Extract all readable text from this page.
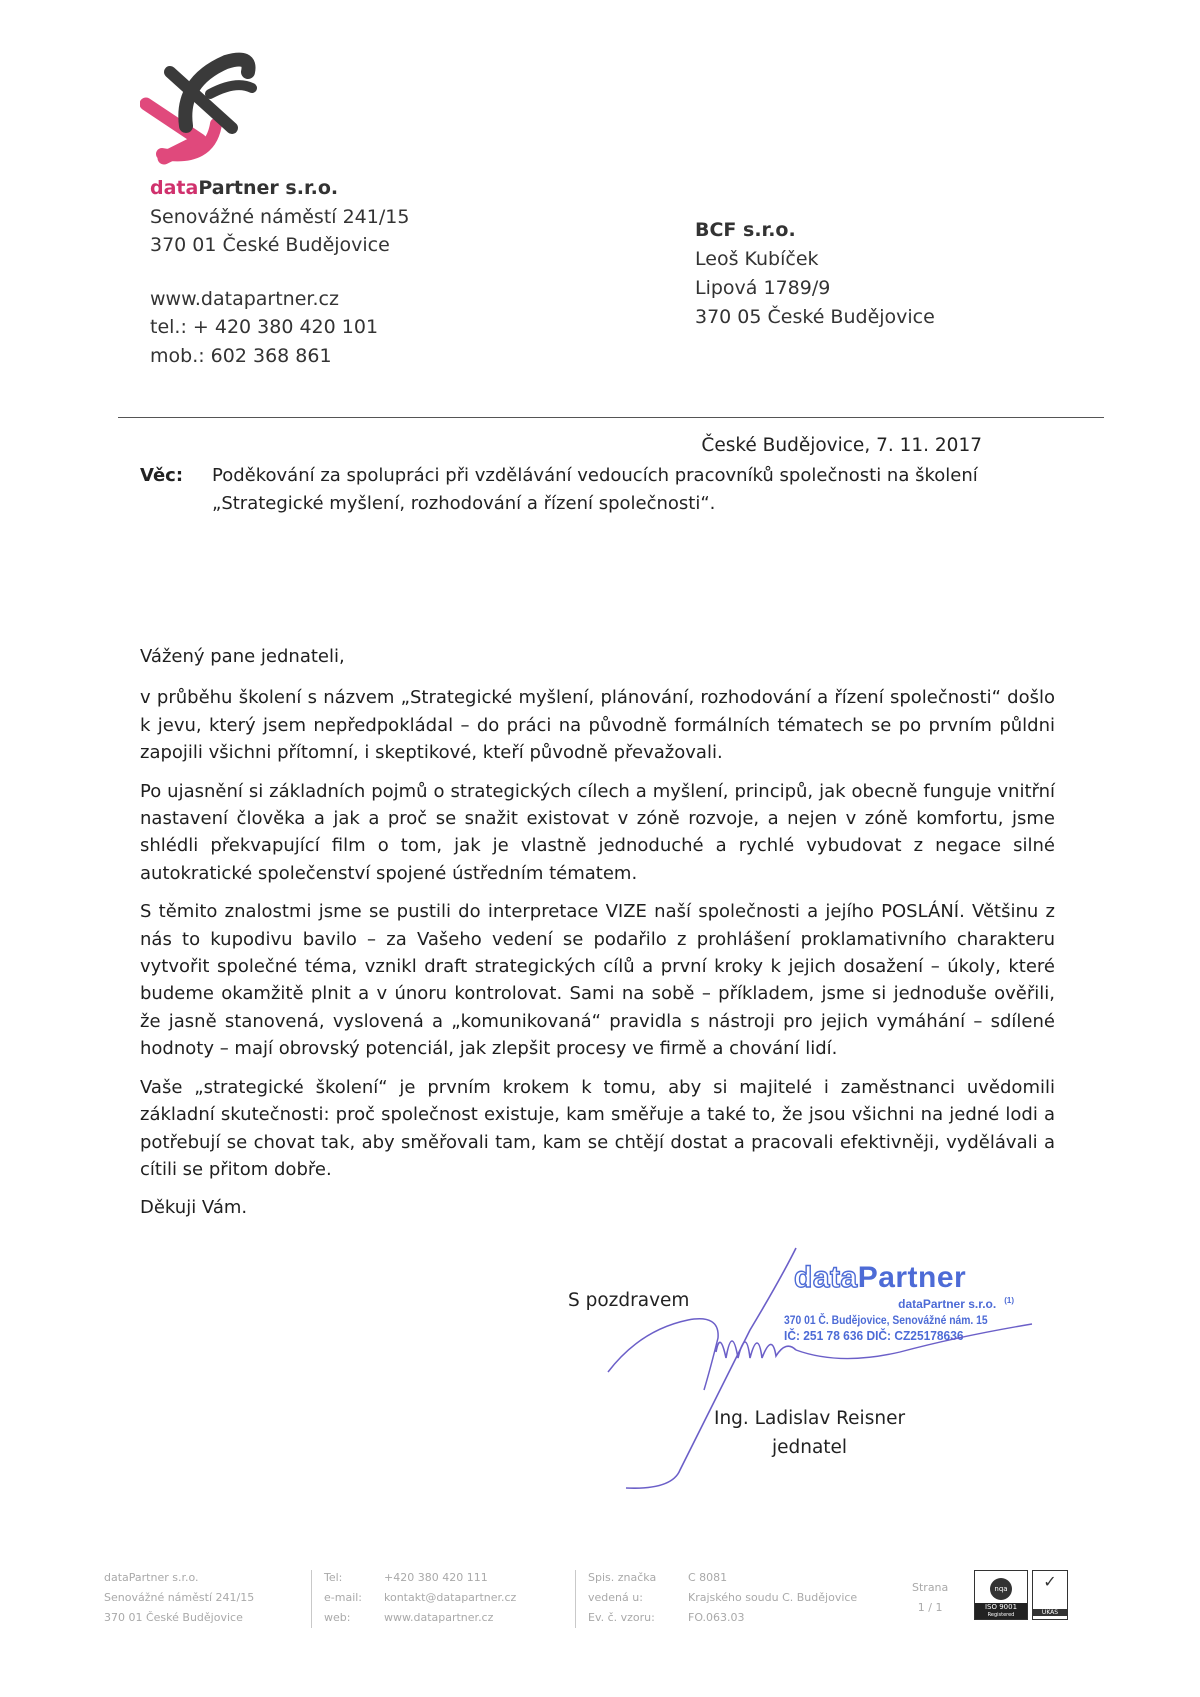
dataPartner s.r.o.
Senovážné náměstí 241/15
370 01 České Budějovice
www.datapartner.cz
tel.: + 420 380 420 101
mob.: 602 368 861
BCF s.r.o.
Leoš Kubíček
Lipová 1789/9
370 05 České Budějovice
České Budějovice, 7. 11. 2017
Věc: Poděkování za spolupráci při vzdělávání vedoucích pracovníků společnosti na školení
„Strategické myšlení, rozhodování a řízení společnosti“.

Vážený pane jednateli,

v průběhu školení s názvem „Strategické myšlení, plánování, rozhodování a řízení společnosti“ došlo k jevu, který jsem nepředpokládal – do práci na původně formálních tématech se po prvním půldni zapojili všichni přítomní, i skeptikové, kteří původně převažovali.

Po ujasnění si základních pojmů o strategických cílech a myšlení, principů, jak obecně funguje vnitřní nastavení člověka a jak a proč se snažit existovat v zóně rozvoje, a nejen v zóně komfortu, jsme shlédli překvapující film o tom, jak je vlastně jednoduché a rychlé vybudovat z negace silné autokratické společenství spojené ústředním tématem.

S těmito znalostmi jsme se pustili do interpretace VIZE naší společnosti a jejího POSLÁNÍ. Většinu z nás to kupodivu bavilo – za Vašeho vedení se podařilo z prohlášení proklamativního charakteru vytvořit společné téma, vznikl draft strategických cílů a první kroky k jejich dosažení – úkoly, které budeme okamžitě plnit a v únoru kontrolovat. Sami na sobě – příkladem, jsme si jednoduše ověřili, že jasně stanovená, vyslovená a „komunikovaná“ pravidla s nástroji pro jejich vymáhání – sdílené hodnoty – mají obrovský potenciál, jak zlepšit procesy ve firmě a chování lidí.

Vaše „strategické školení“ je prvním krokem k tomu, aby si majitelé i zaměstnanci uvědomili základní skutečnosti: proč společnost existuje, kam směřuje a také to, že jsou všichni na jedné lodi a potřebují se chovat tak, aby směřovali tam, kam se chtějí dostat a pracovali efektivněji, vydělávali a cítili se přitom dobře.

Děkuji Vám.

S pozdravem
dataPartner
dataPartner s.r.o. $^{(1)}$
370 01 Č. Budějovice, Senovážné nám. 15
IČ: 251 78 636 DIČ: CZ25178636
Ing. Ladislav Reisner
jednatel
dataPartner s.r.o.
Senovážné náměstí 241/15
370 01 České Budějovice
Tel:
e-mail:
web:
+420 380 420 111
kontakt@datapartner.cz
www.datapartner.cz
Spis. značka
vedená u:
Ev. č. vzoru:
C 8081
Krajského soudu C. Budějovice
FO.063.03
Strana
1 / 1
nqa
ISO 9001
Registered
✓
UKAS
